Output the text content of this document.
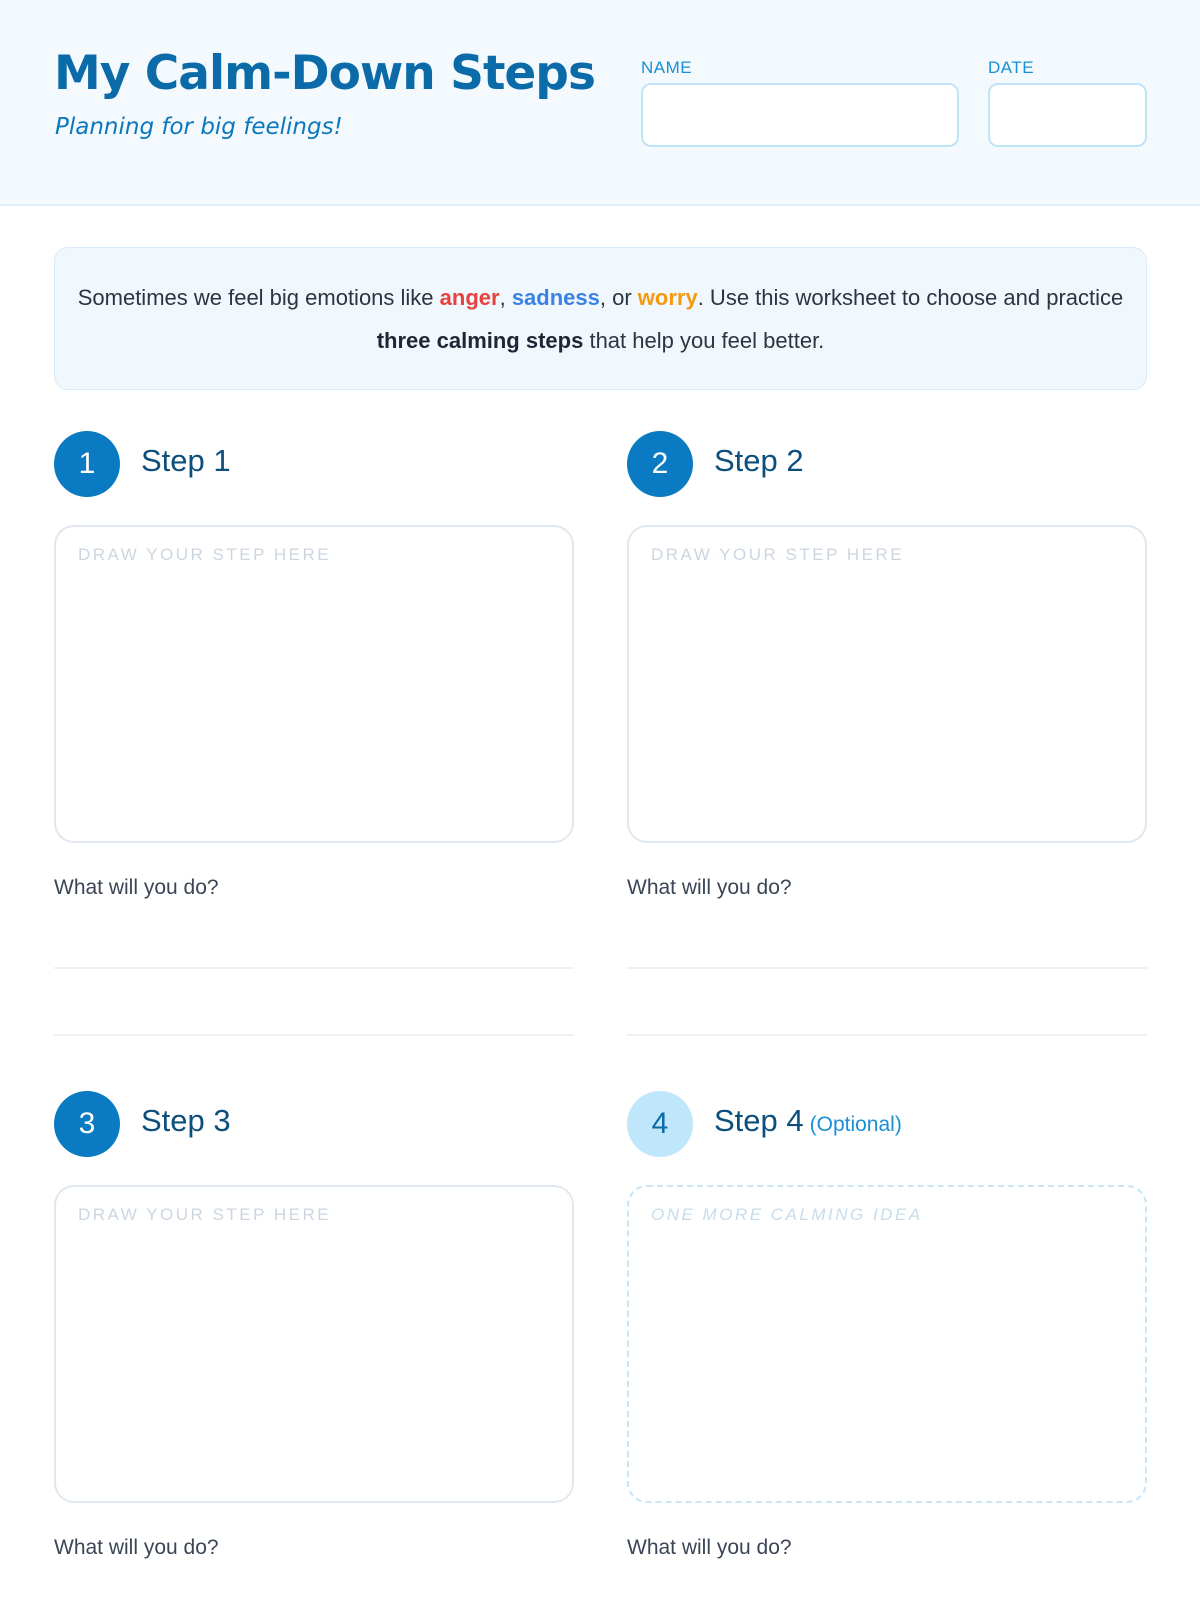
My Calm-Down Steps
Planning for big feelings!
NAME	DATE
Sometimes we feel big emotions like anger, sadness, or worry. Use this worksheet to choose and practice three calming steps that help you feel better.
1	Step 1
DRAW YOUR STEP HERE
What will you do?
2	Step 2
DRAW YOUR STEP HERE
What will you do?
3	Step 3
DRAW YOUR STEP HERE
What will you do?
4	Step 4 (Optional)
ONE MORE CALMING IDEA
What will you do?
